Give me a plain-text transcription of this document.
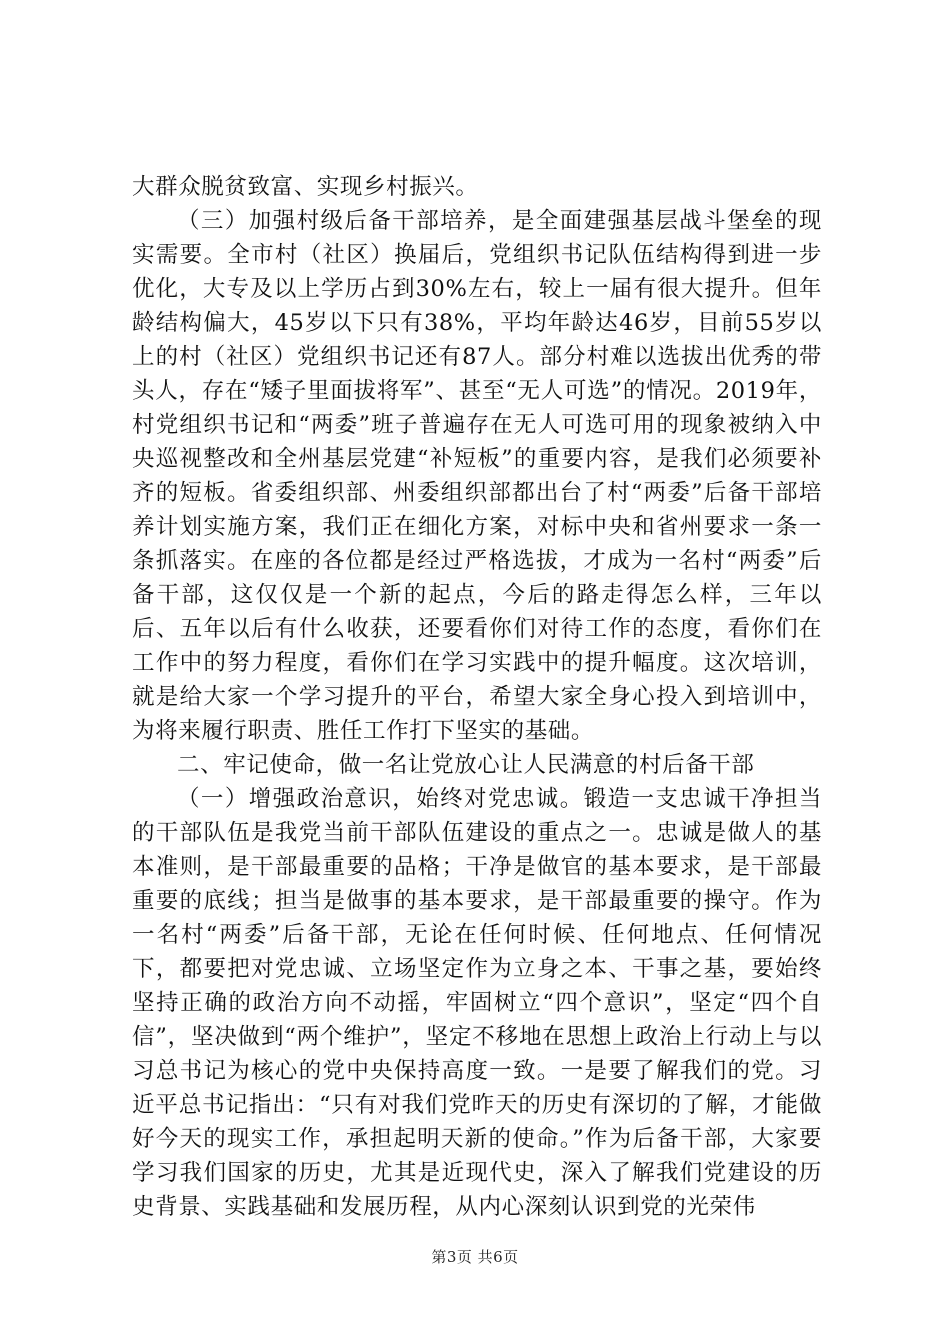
大群众脱贫致富、实现乡村振兴。

（三）加强村级后备干部培养，是全面建强基层战斗堡垒的现实需要。全市村（社区）换届后，党组织书记队伍结构得到进一步优化，大专及以上学历占到30%左右，较上一届有很大提升。但年龄结构偏大，45岁以下只有38%，平均年龄达46岁，目前55岁以上的村（社区）党组织书记还有87人。部分村难以选拔出优秀的带头人，存在“矮子里面拔将军”、甚至“无人可选”的情况。2019年，村党组织书记和“两委”班子普遍存在无人可选可用的现象被纳入中央巡视整改和全州基层党建“补短板”的重要内容，是我们必须要补齐的短板。省委组织部、州委组织部都出台了村“两委”后备干部培养计划实施方案，我们正在细化方案，对标中央和省州要求一条一条抓落实。在座的各位都是经过严格选拔，才成为一名村“两委”后备干部，这仅仅是一个新的起点，今后的路走得怎么样，三年以后、五年以后有什么收获，还要看你们对待工作的态度，看你们在工作中的努力程度，看你们在学习实践中的提升幅度。这次培训，就是给大家一个学习提升的平台，希望大家全身心投入到培训中，为将来履行职责、胜任工作打下坚实的基础。

二、牢记使命，做一名让党放心让人民满意的村后备干部

（一）增强政治意识，始终对党忠诚。锻造一支忠诚干净担当的干部队伍是我党当前干部队伍建设的重点之一。忠诚是做人的基本准则，是干部最重要的品格；干净是做官的基本要求，是干部最重要的底线；担当是做事的基本要求，是干部最重要的操守。作为一名村“两委”后备干部，无论在任何时候、任何地点、任何情况下，都要把对党忠诚、立场坚定作为立身之本、干事之基，要始终坚持正确的政治方向不动摇，牢固树立“四个意识”，坚定“四个自信”，坚决做到“两个维护”，坚定不移地在思想上政治上行动上与以习总书记为核心的党中央保持高度一致。一是要了解我们的党。习近平总书记指出：“只有对我们党昨天的历史有深切的了解，才能做好今天的现实工作，承担起明天新的使命。”作为后备干部，大家要学习我们国家的历史，尤其是近现代史，深入了解我们党建设的历史背景、实践基础和发展历程，从内心深刻认识到党的光荣伟

第3页 共6页
